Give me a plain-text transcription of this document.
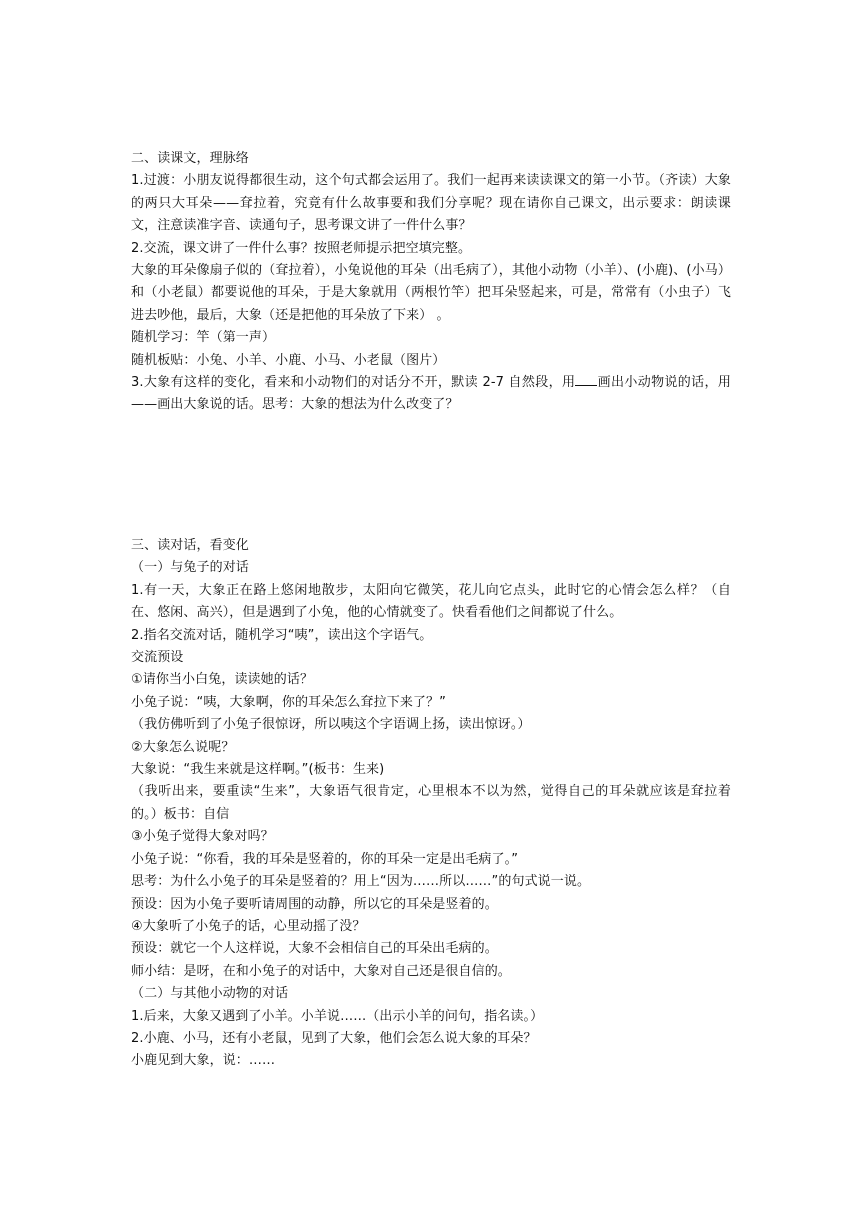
二、读课文，理脉络

1.过渡：小朋友说得都很生动，这个句式都会运用了。我们一起再来读读课文的第一小节。（齐读）大象的两只大耳朵——耷拉着，究竟有什么故事要和我们分享呢？现在请你自己课文，出示要求：朗读课文，注意读准字音、读通句子，思考课文讲了一件什么事？

2.交流，课文讲了一件什么事？按照老师提示把空填完整。

大象的耳朵像扇子似的（耷拉着），小兔说他的耳朵（出毛病了），其他小动物（小羊）、(小鹿)、(小马）和（小老鼠）都要说他的耳朵，于是大象就用（两根竹竿）把耳朵竖起来，可是，常常有（小虫子）飞进去吵他，最后，大象（还是把他的耳朵放了下来） 。

随机学习：竿（第一声）

随机板贴：小兔、小羊、小鹿、小马、小老鼠（图片）

3.大象有这样的变化，看来和小动物们的对话分不开，默读 2-7 自然段，用 画出小动物说的话，用——画出大象说的话。思考：大象的想法为什么改变了？

三、读对话，看变化

（一）与兔子的对话

1.有一天，大象正在路上悠闲地散步，太阳向它微笑，花儿向它点头，此时它的心情会怎么样？（自在、悠闲、高兴），但是遇到了小兔，他的心情就变了。快看看他们之间都说了什么。

2.指名交流对话，随机学习“咦”，读出这个字语气。

交流预设

①请你当小白兔，读读她的话？

小兔子说：“咦，大象啊，你的耳朵怎么耷拉下来了？”

（我仿佛听到了小兔子很惊讶，所以咦这个字语调上扬，读出惊讶。）

②大象怎么说呢？

大象说：“我生来就是这样啊。”(板书：生来)

（我听出来，要重读“生来”，大象语气很肯定，心里根本不以为然，觉得自己的耳朵就应该是耷拉着的。）板书：自信

③小兔子觉得大象对吗？

小兔子说：“你看，我的耳朵是竖着的，你的耳朵一定是出毛病了。”

思考：为什么小兔子的耳朵是竖着的？用上“因为……所以……”的句式说一说。

预设：因为小兔子要听请周围的动静，所以它的耳朵是竖着的。

④大象听了小兔子的话，心里动摇了没？

预设：就它一个人这样说，大象不会相信自己的耳朵出毛病的。

师小结：是呀，在和小兔子的对话中，大象对自己还是很自信的。

（二）与其他小动物的对话

1.后来，大象又遇到了小羊。小羊说……（出示小羊的问句，指名读。）

2.小鹿、小马，还有小老鼠，见到了大象，他们会怎么说大象的耳朵？

小鹿见到大象，说：……
